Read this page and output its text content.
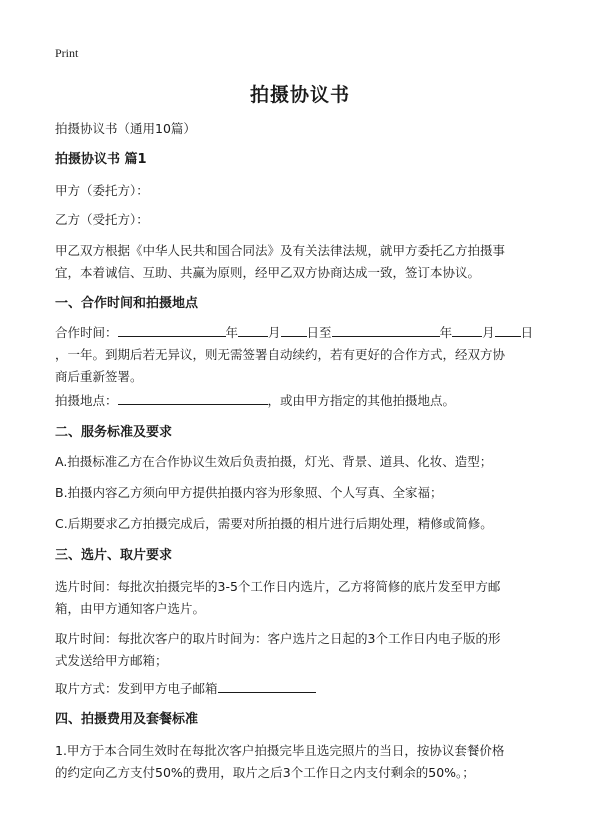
Print
拍摄协议书
拍摄协议书（通用10篇）
拍摄协议书 篇1
甲方（委托方）：
乙方（受托方）：
甲乙双方根据《中华人民共和国合同法》及有关法律法规，就甲方委托乙方拍摄事
宜，本着诚信、互助、共赢为原则，经甲乙双方协商达成一致，签订本协议。
一、合作时间和拍摄地点
合作时间：	年 月 日至	年 月 日
，一年。到期后若无异议，则无需签署自动续约，若有更好的合作方式，经双方协
商后重新签署。
拍摄地点：	，或由甲方指定的其他拍摄地点。
二、服务标准及要求
A.拍摄标准乙方在合作协议生效后负责拍摄，灯光、背景、道具、化妆、造型；
B.拍摄内容乙方须向甲方提供拍摄内容为形象照、个人写真、全家福；
C.后期要求乙方拍摄完成后，需要对所拍摄的相片进行后期处理，精修或简修。
三、选片、取片要求
选片时间：每批次拍摄完毕的3-5个工作日内选片，乙方将简修的底片发至甲方邮
箱，由甲方通知客户选片。
取片时间：每批次客户的取片时间为：客户选片之日起的3个工作日内电子版的形
式发送给甲方邮箱；
取片方式：发到甲方电子邮箱
四、拍摄费用及套餐标准
1.甲方于本合同生效时在每批次客户拍摄完毕且选完照片的当日，按协议套餐价格
的约定向乙方支付50%的费用，取片之后3个工作日之内支付剩余的50%。；
